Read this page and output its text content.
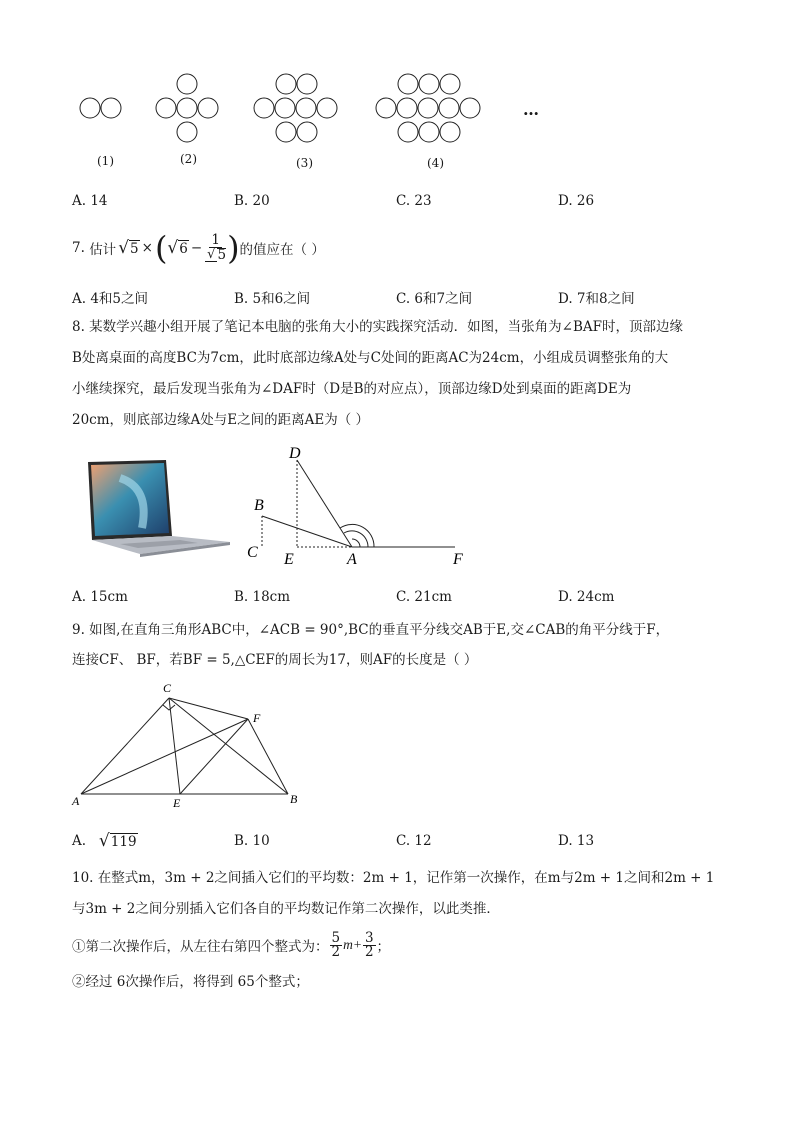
(1)	(2)	(3)	(4)
…
A. 14	B. 20	C. 23	D. 26
7.
估计 √ 5 × ( √ $6 - \frac{1}{√ 5}$ ) 的值应在（ ）
A. 4和5之间	B. 5和6之间	C. 6和7之间	D. 7和8之间
8. 某数学兴趣小组开展了笔记本电脑的张角大小的实践探究活动．如图，当张角为∠BAF时，顶部边缘
B处离桌面的高度BC为7cm，此时底部边缘A处与C处间的距离AC为24cm，小组成员调整张角的大
小继续探究，最后发现当张角为∠DAF时（D是B的对应点），顶部边缘D处到桌面的距离DE为
20cm，则底部边缘A处与E之间的距离AE为（ ）
D
B
C E	A	F
A. 15cm	B. 18cm	C. 21cm	D. 24cm
9. 如图,在直角三角形ABC中，∠ACB = 90°,BC的垂直平分线交AB于E,交∠CAB的角平分线于F，
连接CF、 BF，若BF = 5,△CEF的周长为17，则AF的长度是（ ）
C
F
A	E	B
A.
√ 119	B. 10	C. 12	D. 13
10. 在整式m，3m + 2之间插入它们的平均数：2m + 1，记作第一次操作，在m与2m + 1之间和2m + 1
与3m + 2之间分别插入它们各自的平均数记作第二次操作，以此类推．
①第二次操作后，从左往右第四个整式为： $\frac{5}{2} m+ \frac{3}{2}$ ；
②经过 6次操作后，将得到 65个整式；
